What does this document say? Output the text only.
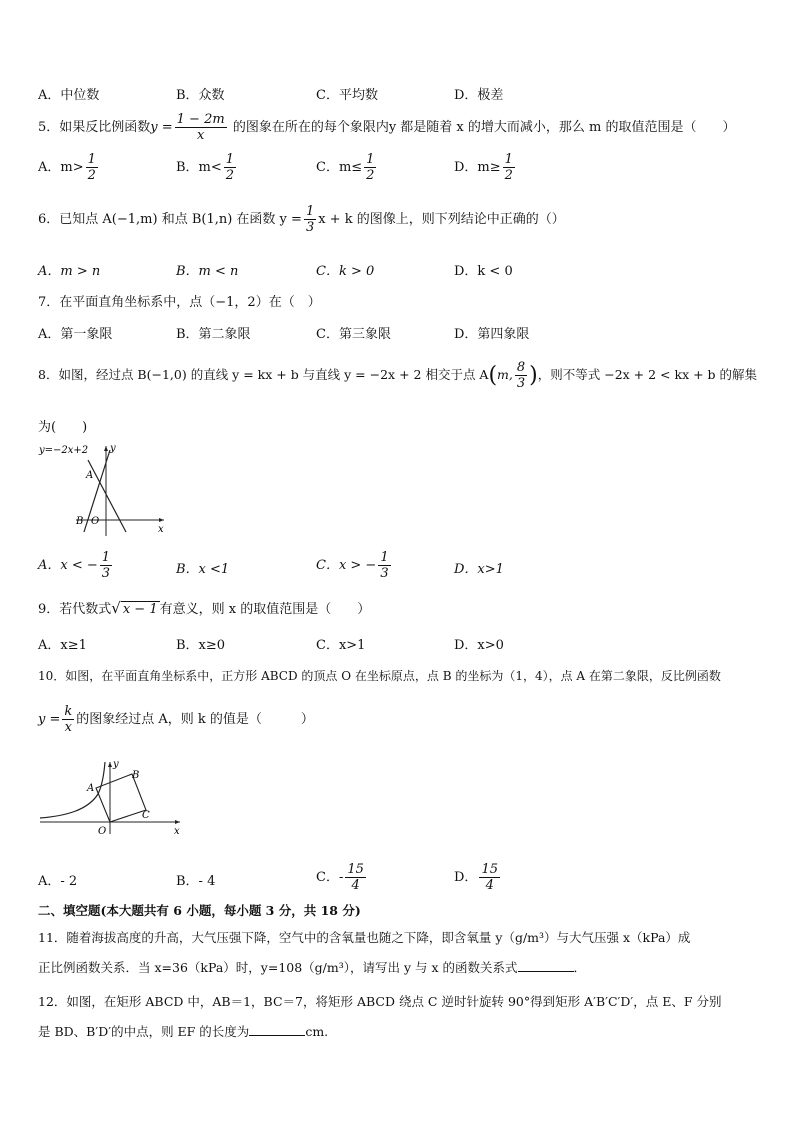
A．中位数	B．众数	C．平均数	D．极差
5．如果反比例函数$y = \frac{1 - 2m}{x}$ 的图象在所在的每个象限内y 都是随着 x 的增大而减小，那么 m 的取值范围是（　　）
A．$m> \frac{1}{2}$	B．$m< \frac{1}{2}$	C．$m\le \frac{1}{2}$	D．$m\ge \frac{1}{2}$
6．已知点 A(−1,m) 和点 B(1,n) 在函数 $y = \frac{1}{3}$ x + k 的图像上，则下列结论中正确的（）
A．m > n	B．m < n	C．k > 0	D．k < 0
7．在平面直角坐标系中，点（−1，2）在（　）
A．第一象限	B．第二象限	C．第三象限	D．第四象限
8．如图，经过点 B(−1,0) 的直线 y = kx + b 与直线 y = −2x + 2 相交于点 A(m, $\frac{8}{3}$ )，则不等式 −2x + 2 < kx + b 的解集
为(　　)
y=−2x+2 y
x
A
B O
A．x < − $\frac{1}{3}$	B．x <1	C．x > − $\frac{1}{3}$	D．x>1
9．若代数式√ x − 1 有意义，则 x 的取值范围是（　　）
A．x≥1	B．x≥0	C．x>1	D．x>0
10．如图，在平面直角坐标系中，正方形 ABCD 的顶点 O 在坐标原点，点 B 的坐标为（1，4），点 A 在第二象限，反比例函数
$y = \frac{k}{x}$ 的图象经过点 A，则 k 的值是（　　　）
y
x
A
B
C
O
A．- 2	B．- 4	C．- $\frac{15}{4}$	D． $\frac{15}{4}$
二、填空题(本大题共有 6 小题，每小题 3 分，共 18 分)
11．随着海拔高度的升高，大气压强下降，空气中的含氧量也随之下降，即含氧量 y（g/m³）与大气压强 x（kPa）成
正比例函数关系．当 x=36（kPa）时，y=108（g/m³），请写出 y 与 x 的函数关系式	．
12．如图，在矩形 ABCD 中，AB＝1，BC＝7，将矩形 ABCD 绕点 C 逆时针旋转 90°得到矩形 A′B′C′D′，点 E、F 分别
是 BD、B′D′的中点，则 EF 的长度为	cm.
